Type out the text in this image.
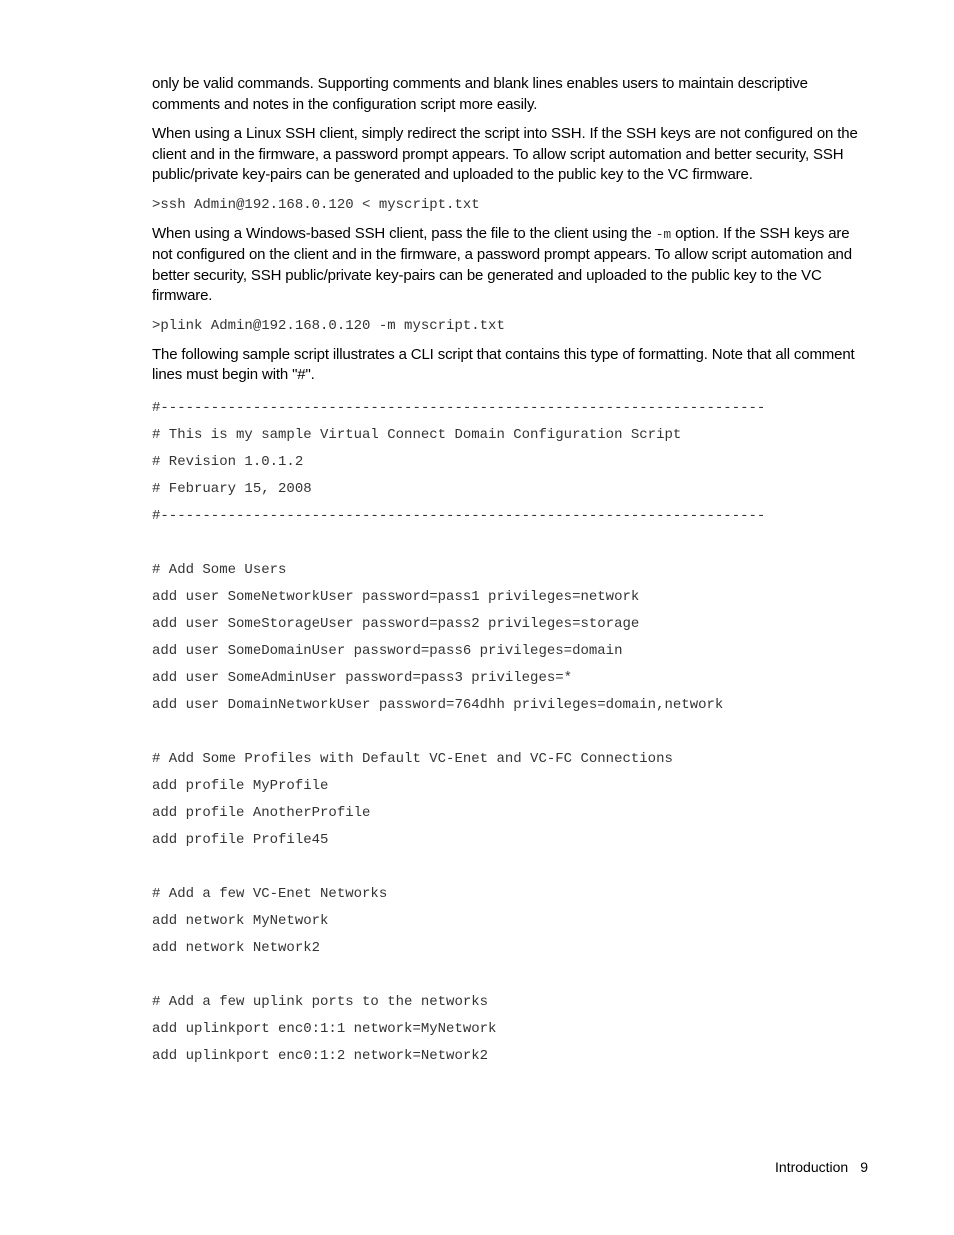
only be valid commands. Supporting comments and blank lines enables users to maintain descriptive comments and notes in the configuration script more easily.

When using a Linux SSH client, simply redirect the script into SSH. If the SSH keys are not configured on the client and in the firmware, a password prompt appears. To allow script automation and better security, SSH public/private key-pairs can be generated and uploaded to the public key to the VC firmware.

>ssh Admin@192.168.0.120 < myscript.txt

When using a Windows-based SSH client, pass the file to the client using the -m option. If the SSH keys are not configured on the client and in the firmware, a password prompt appears. To allow script automation and better security, SSH public/private key-pairs can be generated and uploaded to the public key to the VC firmware.

>plink Admin@192.168.0.120 -m myscript.txt

The following sample script illustrates a CLI script that contains this type of formatting. Note that all comment lines must begin with "#".

#------------------------------------------------------------------------
# This is my sample Virtual Connect Domain Configuration Script
# Revision 1.0.1.2
# February 15, 2008
#------------------------------------------------------------------------
# Add Some Users
add user SomeNetworkUser password=pass1 privileges=network
add user SomeStorageUser password=pass2 privileges=storage
add user SomeDomainUser password=pass6 privileges=domain
add user SomeAdminUser password=pass3 privileges=*
add user DomainNetworkUser password=764dhh privileges=domain,network
# Add Some Profiles with Default VC-Enet and VC-FC Connections
add profile MyProfile
add profile AnotherProfile
add profile Profile45
# Add a few VC-Enet Networks
add network MyNetwork
add network Network2
# Add a few uplink ports to the networks
add uplinkport enc0:1:1 network=MyNetwork
add uplinkport enc0:1:2 network=Network2
Introduction 9
